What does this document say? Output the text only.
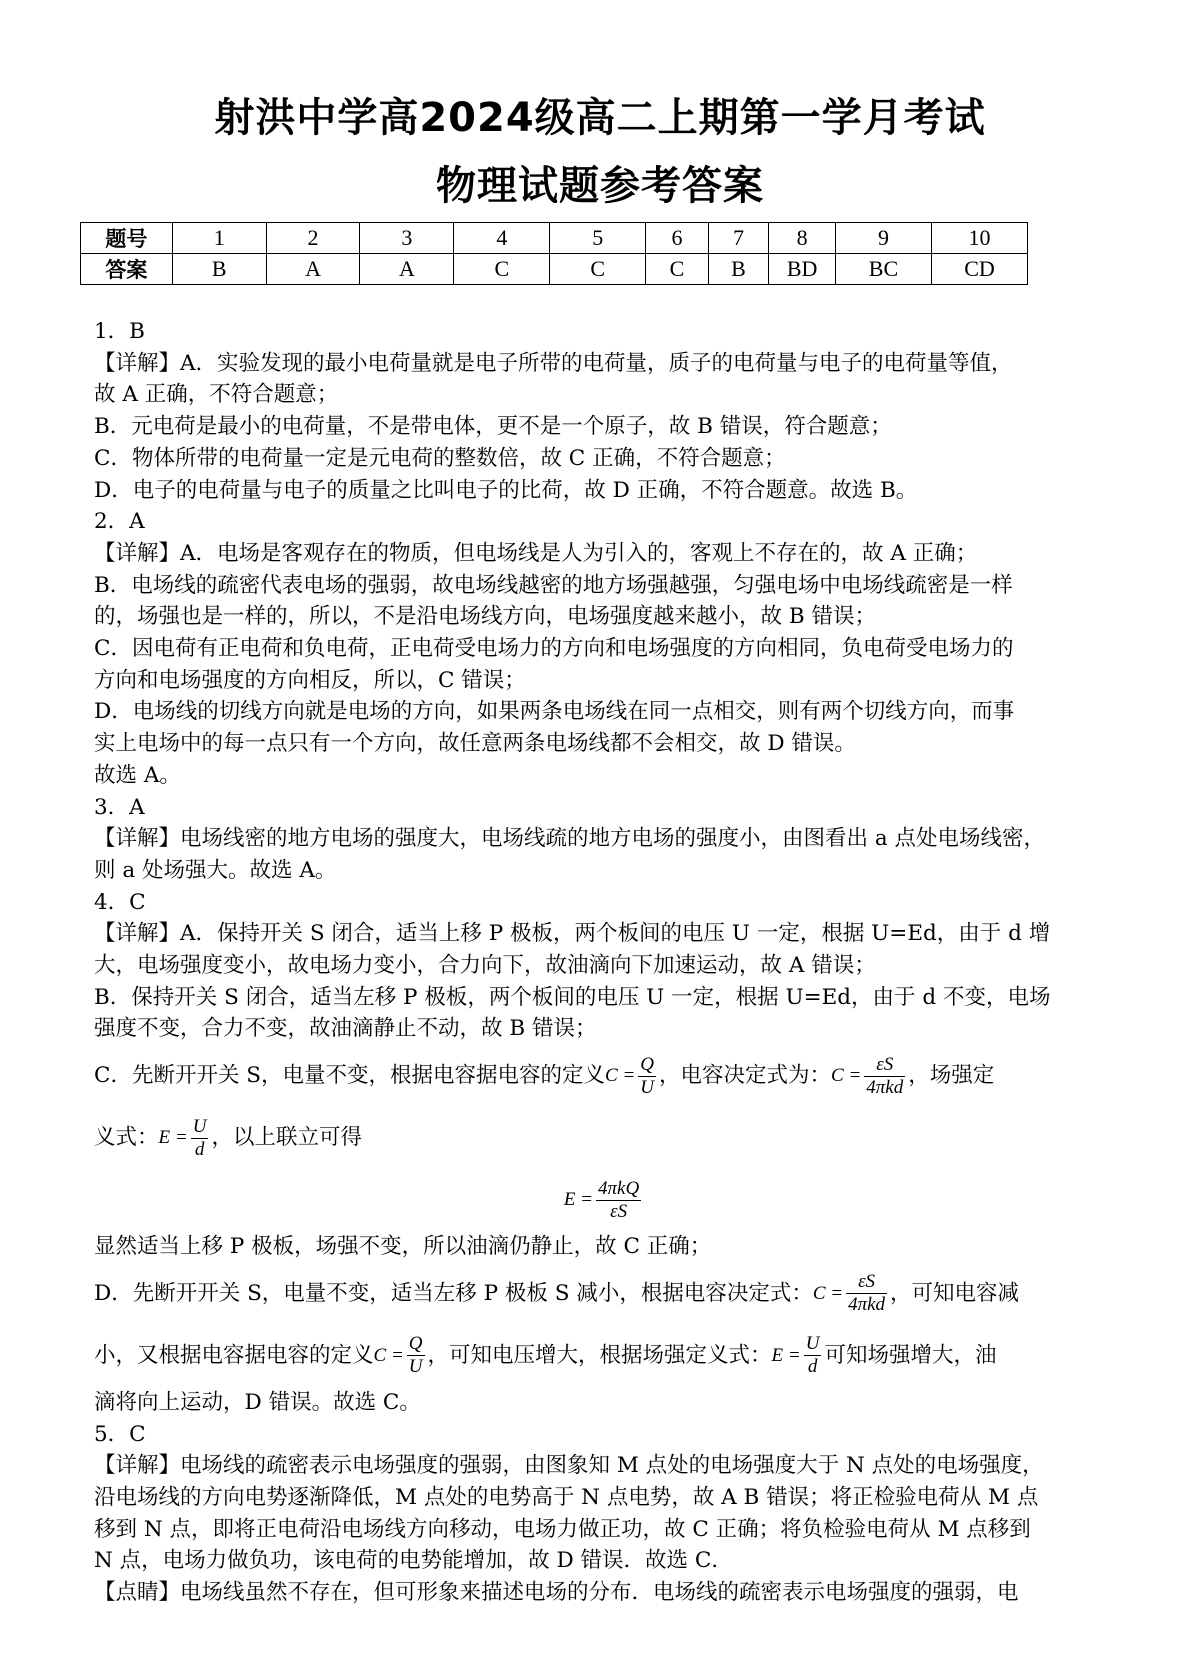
射洪中学高2024级高二上期第一学月考试
物理试题参考答案
题号	1	2	3	4	5	6	7	8	9	10
答案	B	A	A	C	C	C	B	BD	BC	CD

1．B

【详解】A．实验发现的最小电荷量就是电子所带的电荷量，质子的电荷量与电子的电荷量等值，

故 A 正确，不符合题意；

B．元电荷是最小的电荷量，不是带电体，更不是一个原子，故 B 错误，符合题意；

C．物体所带的电荷量一定是元电荷的整数倍，故 C 正确，不符合题意；

D．电子的电荷量与电子的质量之比叫电子的比荷，故 D 正确，不符合题意。故选 B。

2．A

【详解】A．电场是客观存在的物质，但电场线是人为引入的，客观上不存在的，故 A 正确；

B．电场线的疏密代表电场的强弱，故电场线越密的地方场强越强，匀强电场中电场线疏密是一样

的，场强也是一样的，所以，不是沿电场线方向，电场强度越来越小，故 B 错误；

C．因电荷有正电荷和负电荷，正电荷受电场力的方向和电场强度的方向相同，负电荷受电场力的

方向和电场强度的方向相反，所以，C 错误；

D．电场线的切线方向就是电场的方向，如果两条电场线在同一点相交，则有两个切线方向，而事

实上电场中的每一点只有一个方向，故任意两条电场线都不会相交，故 D 错误。

故选 A。

3．A

【详解】电场线密的地方电场的强度大，电场线疏的地方电场的强度小，由图看出 a 点处电场线密，

则 a 处场强大。故选 A。

4．C

【详解】A．保持开关 S 闭合，适当上移 P 极板，两个板间的电压 U 一定，根据 U=Ed，由于 d 增

大，电场强度变小，故电场力变小，合力向下，故油滴向下加速运动，故 A 错误；

B．保持开关 S 闭合，适当左移 P 极板，两个板间的电压 U 一定，根据 U=Ed，由于 d 不变，电场

强度不变，合力不变，故油滴静止不动，故 B 错误；

C．先断开开关 S，电量不变，根据电容据电容的定义 $C = \frac{Q}{U}$ ，电容决定式为： C =
εS
4πkd ，场强定

义式： $E = \frac{U}{d}$ ，以上联立可得

E =
4πkQ
εS

显然适当上移 P 极板，场强不变，所以油滴仍静止，故 C 正确；

D．先断开开关 S，电量不变，适当左移 P 极板 S 减小，根据电容决定式： C =
εS
4πkd ，可知电容减

小，又根据电容据电容的定义 $C = \frac{Q}{U}$ ，可知电压增大，根据场强定义式： $E = \frac{U}{d}$ 可知场强增大，油

滴将向上运动，D 错误。故选 C。

5．C

【详解】电场线的疏密表示电场强度的强弱，由图象知 M 点处的电场强度大于 N 点处的电场强度，

沿电场线的方向电势逐渐降低，M 点处的电势高于 N 点电势，故 A B 错误；将正检验电荷从 M 点

移到 N 点，即将正电荷沿电场线方向移动，电场力做正功，故 C 正确；将负检验电荷从 M 点移到

N 点，电场力做负功，该电荷的电势能增加，故 D 错误．故选 C．

【点睛】电场线虽然不存在，但可形象来描述电场的分布．电场线的疏密表示电场强度的强弱，电
